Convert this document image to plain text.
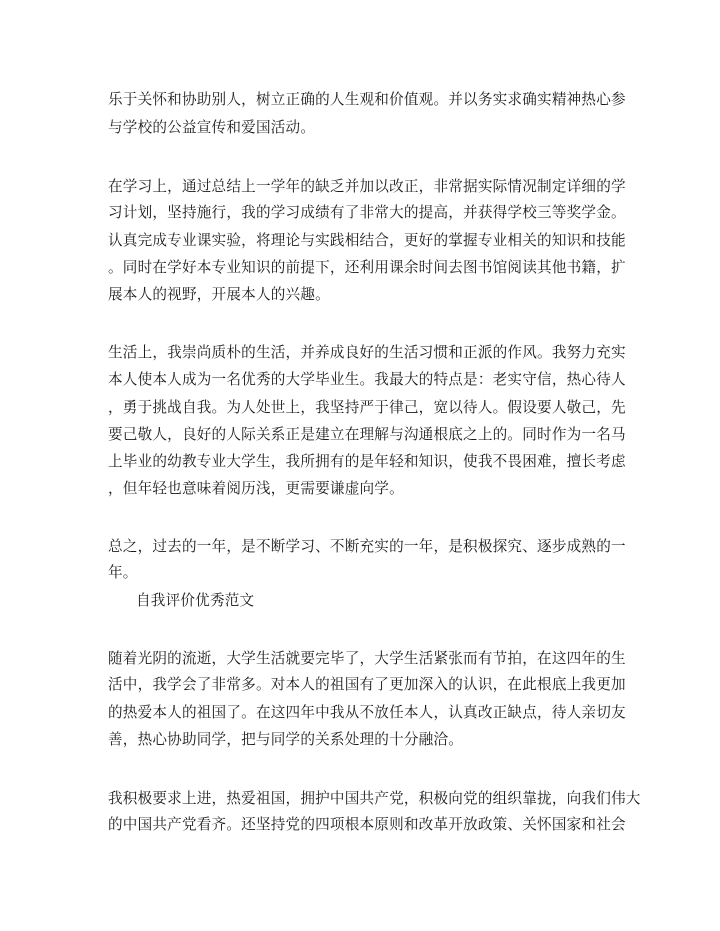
乐于关怀和协助别人，树立正确的人生观和价值观。并以务实求确实精神热心参
与学校的公益宣传和爱国活动。
在学习上，通过总结上一学年的缺乏并加以改正，非常据实际情况制定详细的学
习计划，坚持施行，我的学习成绩有了非常大的提高，并获得学校三等奖学金。
认真完成专业课实验，将理论与实践相结合，更好的掌握专业相关的知识和技能
。同时在学好本专业知识的前提下，还利用课余时间去图书馆阅读其他书籍，扩
展本人的视野，开展本人的兴趣。
生活上，我崇尚质朴的生活，并养成良好的生活习惯和正派的作风。我努力充实
本人使本人成为一名优秀的大学毕业生。我最大的特点是：老实守信，热心待人
，勇于挑战自我。为人处世上，我坚持严于律己，宽以待人。假设要人敬己，先
要己敬人，良好的人际关系正是建立在理解与沟通根底之上的。同时作为一名马
上毕业的幼教专业大学生，我所拥有的是年轻和知识，使我不畏困难，擅长考虑
，但年轻也意味着阅历浅，更需要谦虚向学。
总之，过去的一年，是不断学习、不断充实的一年，是积极探究、逐步成熟的一
年。
自我评价优秀范文
随着光阴的流逝，大学生活就要完毕了，大学生活紧张而有节拍，在这四年的生
活中，我学会了非常多。对本人的祖国有了更加深入的认识，在此根底上我更加
的热爱本人的祖国了。在这四年中我从不放任本人，认真改正缺点，待人亲切友
善，热心协助同学，把与同学的关系处理的十分融洽。
我积极要求上进，热爱祖国，拥护中国共产党，积极向党的组织靠拢，向我们伟大
的中国共产党看齐。还坚持党的四项根本原则和改革开放政策、关怀国家和社会
